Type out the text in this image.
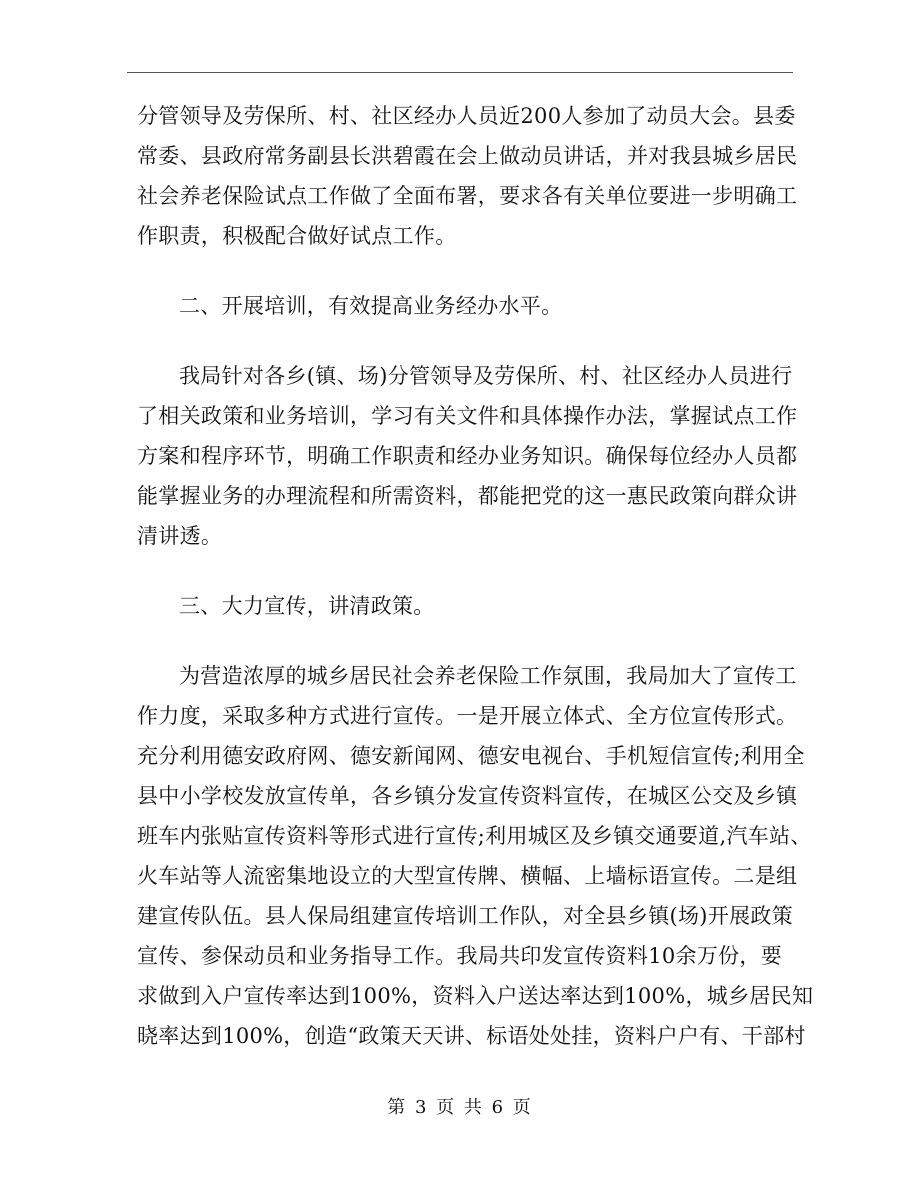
分管领导及劳保所、村、社区经办人员近200人参加了动员大会。县委
常委、县政府常务副县长洪碧霞在会上做动员讲话，并对我县城乡居民
社会养老保险试点工作做了全面布署，要求各有关单位要进一步明确工
作职责，积极配合做好试点工作。
二、开展培训，有效提高业务经办水平。
我局针对各乡(镇、场)分管领导及劳保所、村、社区经办人员进行
了相关政策和业务培训，学习有关文件和具体操作办法，掌握试点工作
方案和程序环节，明确工作职责和经办业务知识。确保每位经办人员都
能掌握业务的办理流程和所需资料，都能把党的这一惠民政策向群众讲
清讲透。
三、大力宣传，讲清政策。
为营造浓厚的城乡居民社会养老保险工作氛围，我局加大了宣传工
作力度，采取多种方式进行宣传。一是开展立体式、全方位宣传形式。
充分利用德安政府网、德安新闻网、德安电视台、手机短信宣传;利用全
县中小学校发放宣传单，各乡镇分发宣传资料宣传，在城区公交及乡镇
班车内张贴宣传资料等形式进行宣传;利用城区及乡镇交通要道,汽车站、
火车站等人流密集地设立的大型宣传牌、横幅、上墙标语宣传。二是组
建宣传队伍。县人保局组建宣传培训工作队，对全县乡镇(场)开展政策
宣传、参保动员和业务指导工作。我局共印发宣传资料10余万份，要
求做到入户宣传率达到100%，资料入户送达率达到100%，城乡居民知
晓率达到100%，创造“政策天天讲、标语处处挂，资料户户有、干部村
第 3 页 共 6 页
